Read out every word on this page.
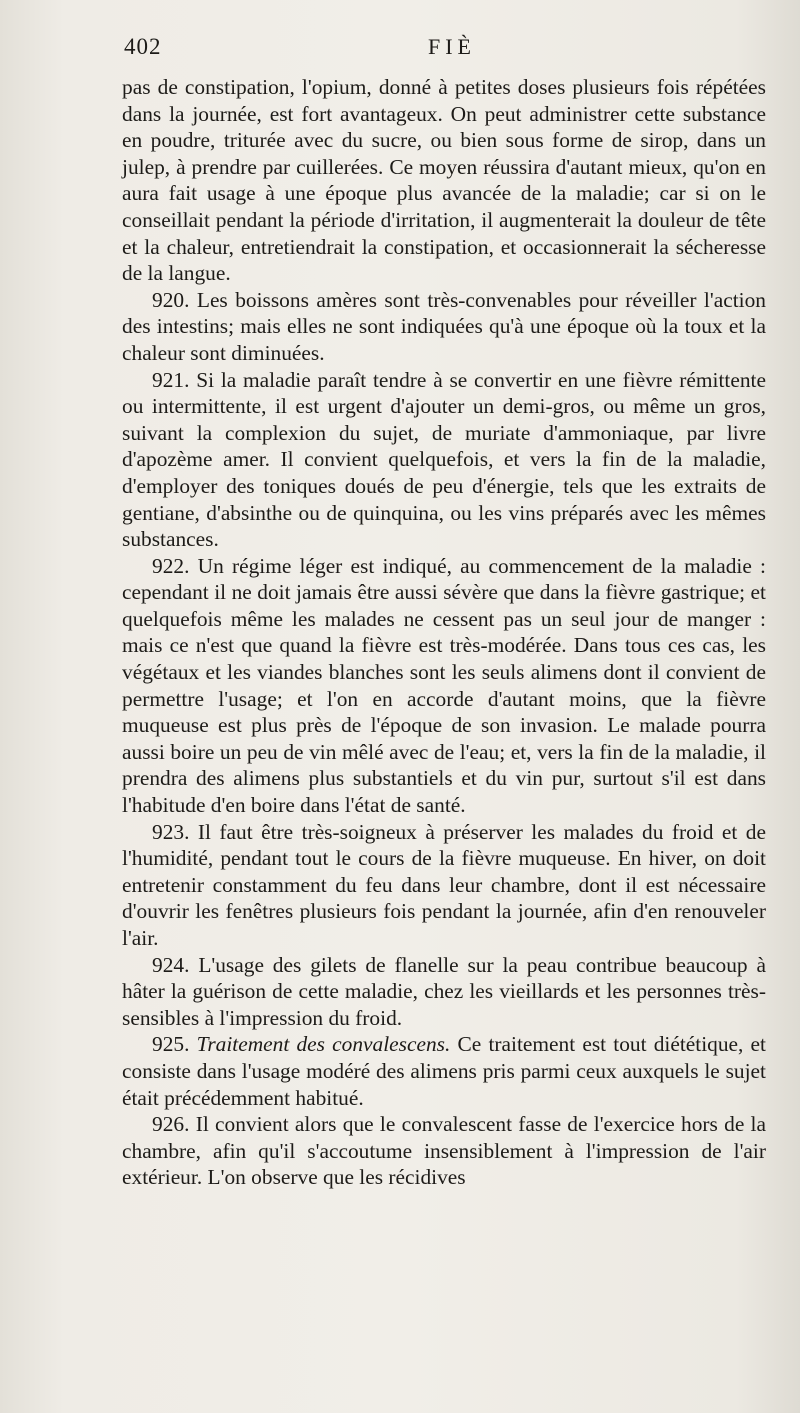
402	FIÈ

pas de constipation, l'opium, donné à petites doses plusieurs fois répétées dans la journée, est fort avantageux. On peut administrer cette substance en poudre, triturée avec du sucre, ou bien sous forme de sirop, dans un julep, à prendre par cuillerées. Ce moyen réussira d'autant mieux, qu'on en aura fait usage à une époque plus avancée de la maladie; car si on le conseillait pendant la période d'irritation, il augmenterait la douleur de tête et la chaleur, entretiendrait la constipation, et occasionnerait la sécheresse de la langue.

920. Les boissons amères sont très-convenables pour réveiller l'action des intestins; mais elles ne sont indiquées qu'à une époque où la toux et la chaleur sont diminuées.

921. Si la maladie paraît tendre à se convertir en une fièvre rémittente ou intermittente, il est urgent d'ajouter un demi-gros, ou même un gros, suivant la complexion du sujet, de muriate d'ammoniaque, par livre d'apozème amer. Il convient quelquefois, et vers la fin de la maladie, d'employer des toniques doués de peu d'énergie, tels que les extraits de gentiane, d'absinthe ou de quinquina, ou les vins préparés avec les mêmes substances.

922. Un régime léger est indiqué, au commencement de la maladie : cependant il ne doit jamais être aussi sévère que dans la fièvre gastrique; et quelquefois même les malades ne cessent pas un seul jour de manger : mais ce n'est que quand la fièvre est très-modérée. Dans tous ces cas, les végétaux et les viandes blanches sont les seuls alimens dont il convient de permettre l'usage; et l'on en accorde d'autant moins, que la fièvre muqueuse est plus près de l'époque de son invasion. Le malade pourra aussi boire un peu de vin mêlé avec de l'eau; et, vers la fin de la maladie, il prendra des alimens plus substantiels et du vin pur, surtout s'il est dans l'habitude d'en boire dans l'état de santé.

923. Il faut être très-soigneux à préserver les malades du froid et de l'humidité, pendant tout le cours de la fièvre muqueuse. En hiver, on doit entretenir constamment du feu dans leur chambre, dont il est nécessaire d'ouvrir les fenêtres plusieurs fois pendant la journée, afin d'en renouveler l'air.

924. L'usage des gilets de flanelle sur la peau contribue beaucoup à hâter la guérison de cette maladie, chez les vieillards et les personnes très-sensibles à l'impression du froid.

925. Traitement des convalescens. Ce traitement est tout diététique, et consiste dans l'usage modéré des alimens pris parmi ceux auxquels le sujet était précédemment habitué.

926. Il convient alors que le convalescent fasse de l'exercice hors de la chambre, afin qu'il s'accoutume insensiblement à l'impression de l'air extérieur. L'on observe que les récidives
